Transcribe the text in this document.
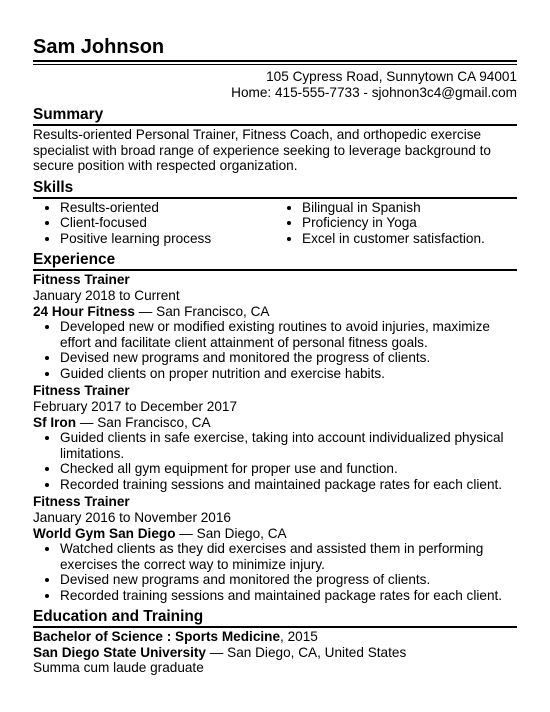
Sam Johnson
105 Cypress Road, Sunnytown CA 94001
Home: 415-555-7733 - sjohnon3c4@gmail.com
Summary
Results-oriented Personal Trainer, Fitness Coach, and orthopedic exercise specialist with broad range of experience seeking to leverage background to secure position with respected organization.
Skills
• Results-oriented
• Client-focused
• Positive learning process
• Bilingual in Spanish
• Proficiency in Yoga
• Excel in customer satisfaction.
Experience
Fitness Trainer
January 2018 to Current
24 Hour Fitness — San Francisco, CA
• Developed new or modified existing routines to avoid injuries, maximize effort and facilitate client attainment of personal fitness goals.
• Devised new programs and monitored the progress of clients.
• Guided clients on proper nutrition and exercise habits.
Fitness Trainer
February 2017 to December 2017
Sf Iron — San Francisco, CA
• Guided clients in safe exercise, taking into account individualized physical limitations.
• Checked all gym equipment for proper use and function.
• Recorded training sessions and maintained package rates for each client.
Fitness Trainer
January 2016 to November 2016
World Gym San Diego — San Diego, CA
• Watched clients as they did exercises and assisted them in performing exercises the correct way to minimize injury.
• Devised new programs and monitored the progress of clients.
• Recorded training sessions and maintained package rates for each client.
Education and Training
Bachelor of Science : Sports Medicine, 2015
San Diego State University — San Diego, CA, United States
Summa cum laude graduate
